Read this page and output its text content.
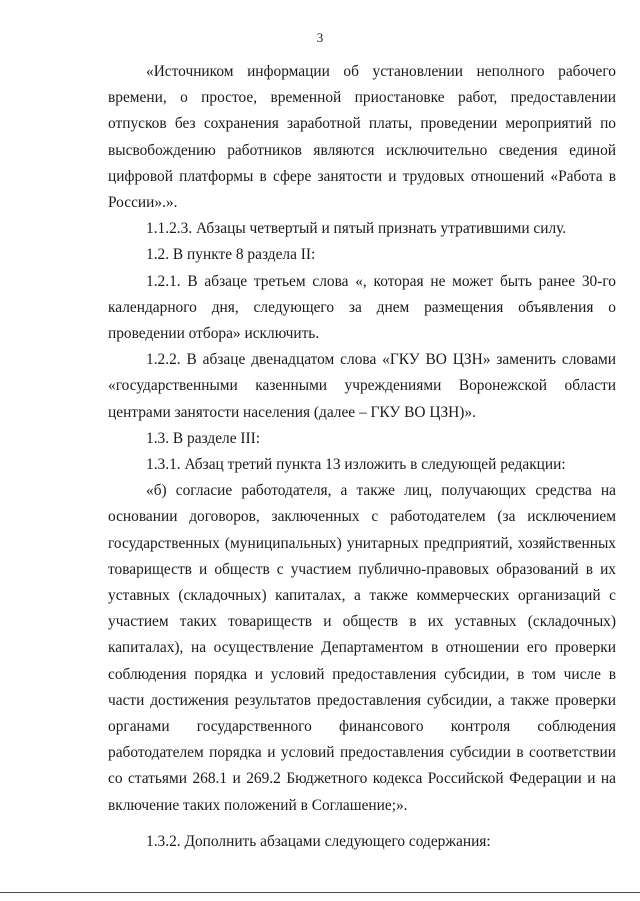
3

«Источником информации об установлении неполного рабочего времени, о простое, временной приостановке работ, предоставлении отпусков без сохранения заработной платы, проведении мероприятий по высвобождению работников являются исключительно сведения единой цифровой платформы в сфере занятости и трудовых отношений «Работа в России».».

1.1.2.3. Абзацы четвертый и пятый признать утратившими силу.

1.2. В пункте 8 раздела II:

1.2.1. В абзаце третьем слова «, которая не может быть ранее 30-го календарного дня, следующего за днем размещения объявления о проведении отбора» исключить.

1.2.2. В абзаце двенадцатом слова «ГКУ ВО ЦЗН» заменить словами «государственными казенными учреждениями Воронежской области центрами занятости населения (далее – ГКУ ВО ЦЗН)».

1.3. В разделе III:

1.3.1. Абзац третий пункта 13 изложить в следующей редакции:

«б) согласие работодателя, а также лиц, получающих средства на основании договоров, заключенных с работодателем (за исключением государственных (муниципальных) унитарных предприятий, хозяйственных товариществ и обществ с участием публично-правовых образований в их уставных (складочных) капиталах, а также коммерческих организаций с участием таких товариществ и обществ в их уставных (складочных) капиталах), на осуществление Департаментом в отношении его проверки соблюдения порядка и условий предоставления субсидии, в том числе в части достижения результатов предоставления субсидии, а также проверки органами государственного финансового контроля соблюдения работодателем порядка и условий предоставления субсидии в соответствии со статьями 268.1 и 269.2 Бюджетного кодекса Российской Федерации и на включение таких положений в Соглашение;».

1.3.2. Дополнить абзацами следующего содержания:
